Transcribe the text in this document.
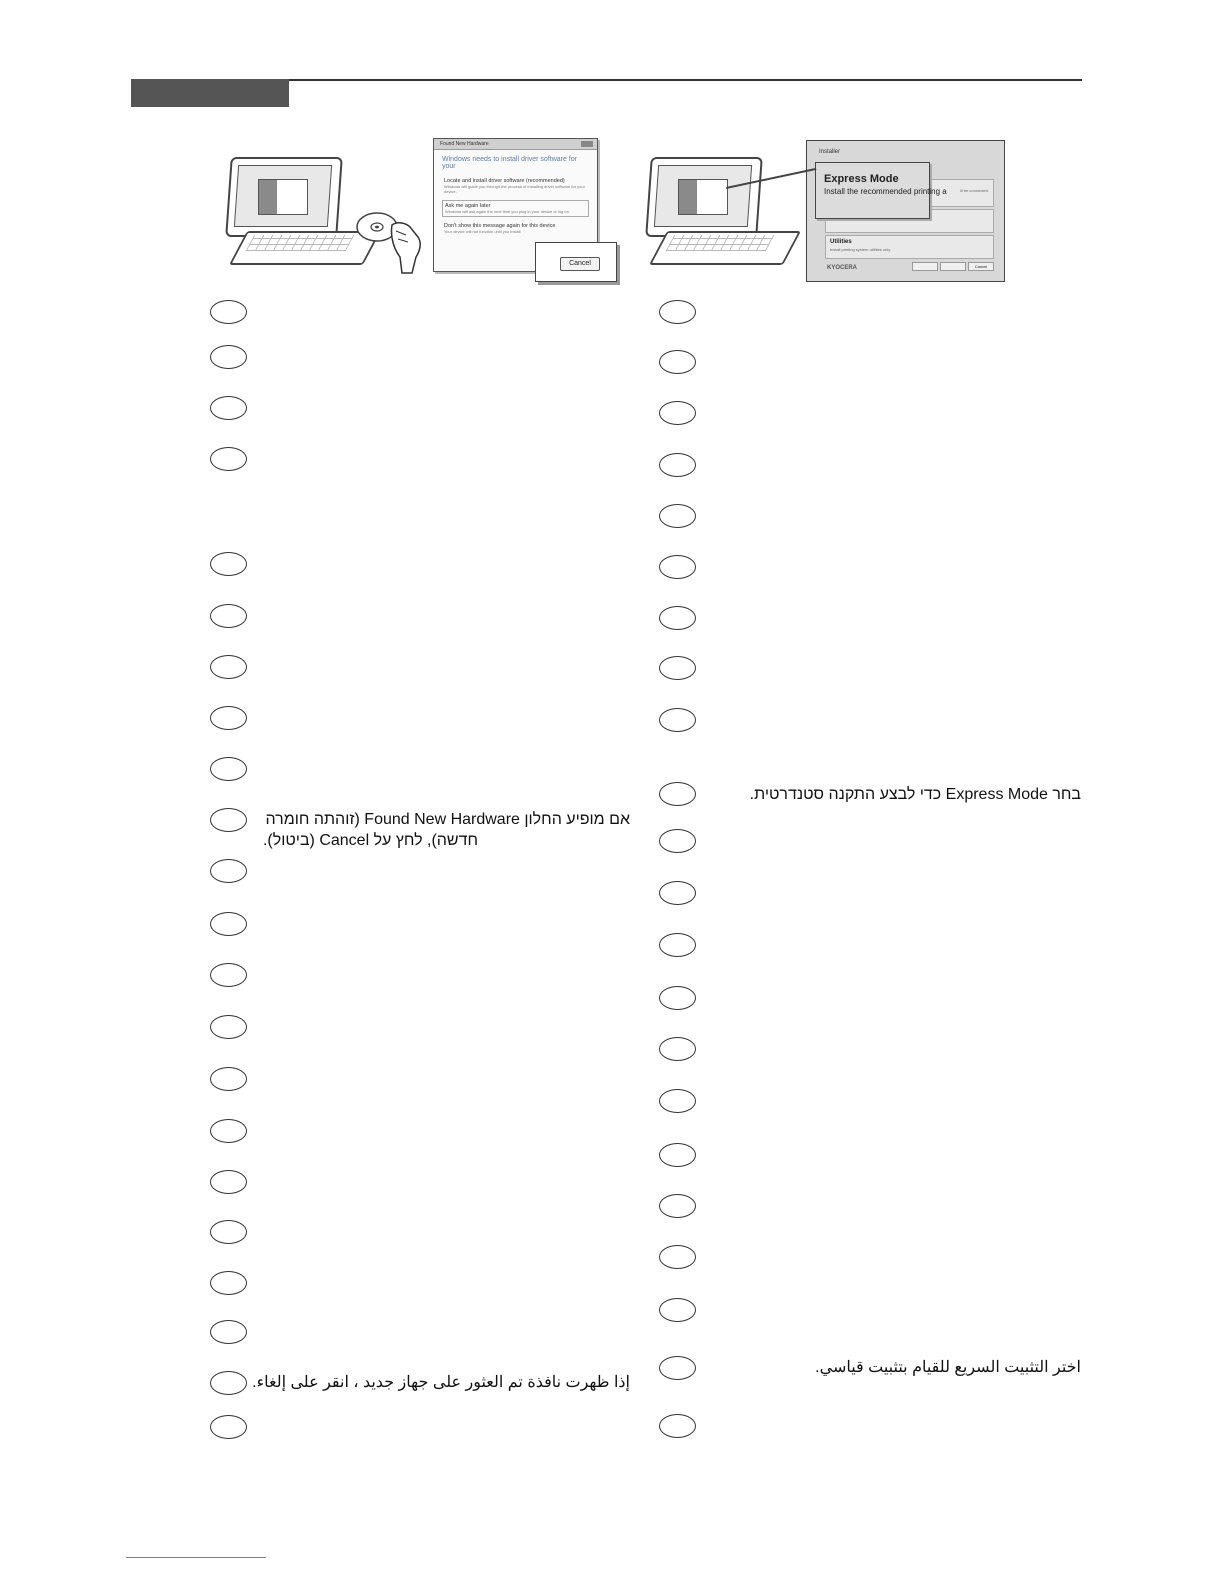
Found New Hardware
Windows needs to install driver software for your
Locate and install driver software (recommended)
Windows will guide you through the process of installing driver software for your device.
Ask me again later
Windows will ask again the next time you plug in your device or log on.
Don't show this message again for this device
Your device will not function until you install
Cancel
Installer
ill be connected.
Utilities
Install printing system utilities only.
KYOCERA	Cancel
Express Mode
Install the recommended printing a
אם מופיע החלון Found New Hardware (זוהתה חומרה
חדשה), לחץ על Cancel (ביטול).
إذا ظهرت نافذة تم العثور على جهاز جديد ، انقر على إلغاء.
בחר Express Mode כדי לבצע התקנה סטנדרטית.
اختر التثبيت السريع للقيام بتثبيت قياسي.
